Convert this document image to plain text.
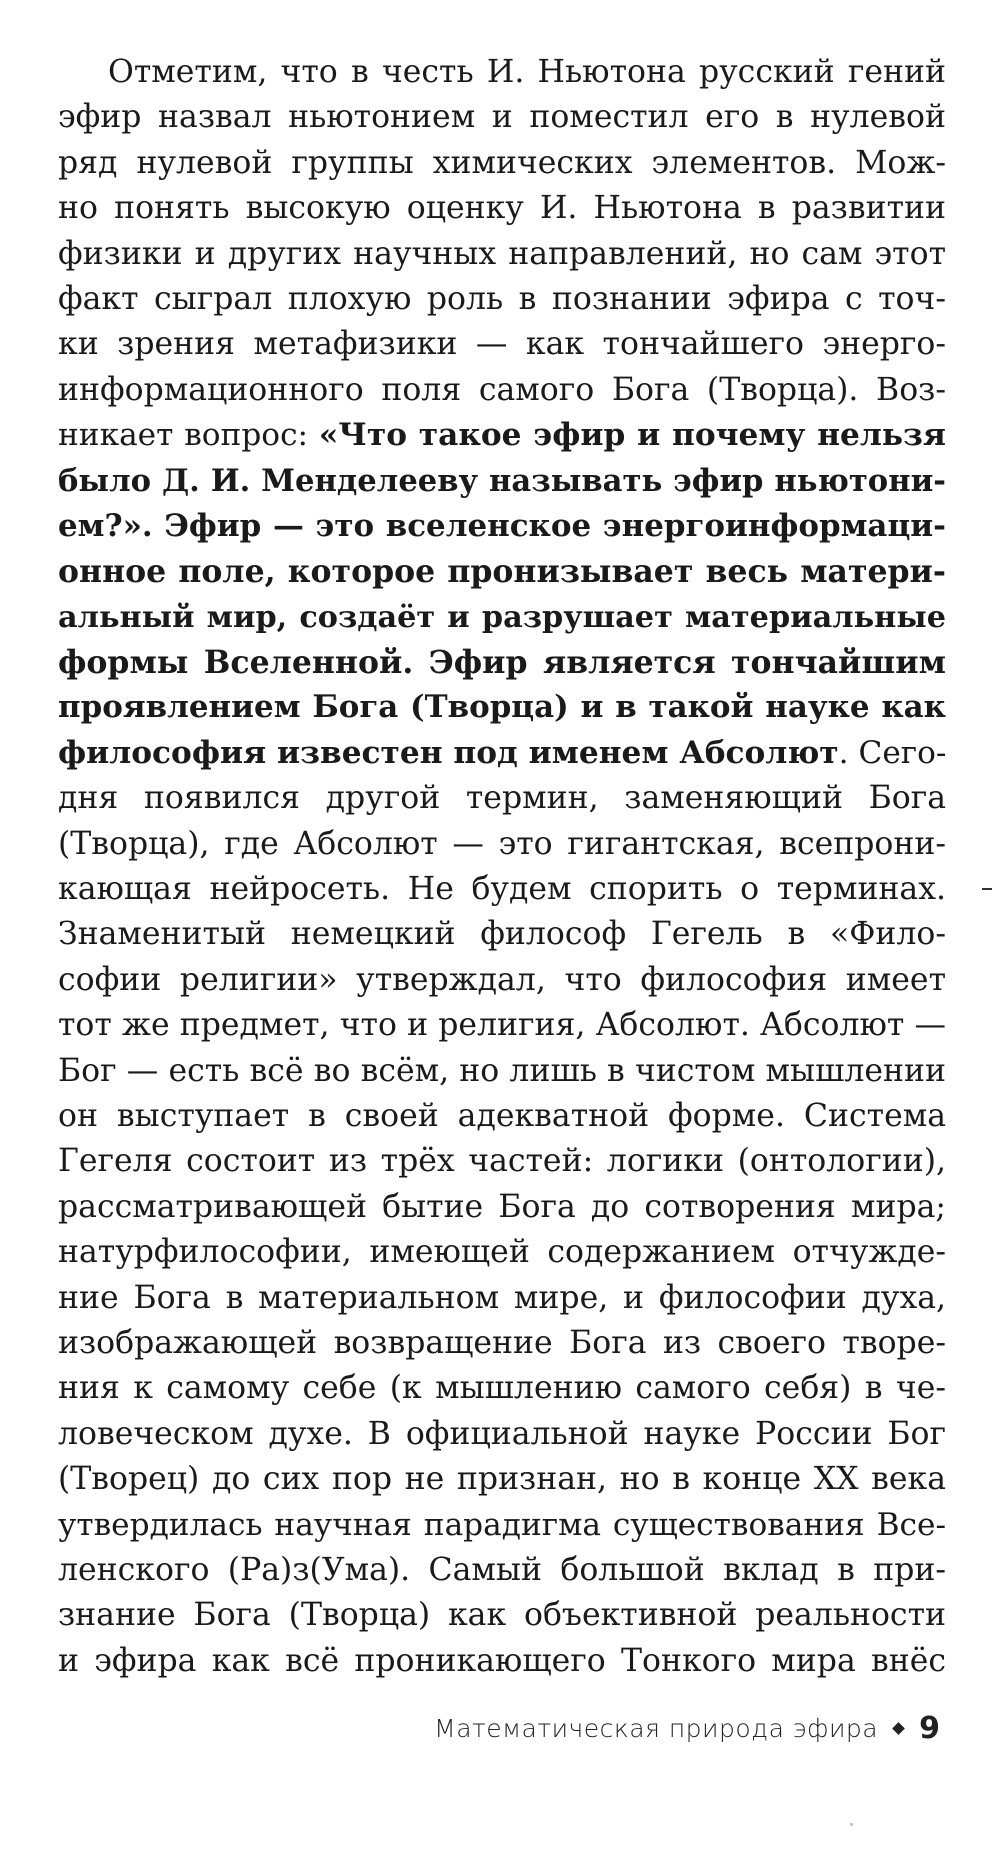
Отметим, что в честь И. Ньютона русский гений
эфир назвал ньютонием и поместил его в нулевой
ряд нулевой группы химических элементов. Мож-
но понять высокую оценку И. Ньютона в развитии
физики и других научных направлений, но сам этот
факт сыграл плохую роль в познании эфира с точ-
ки зрения метафизики — как тончайшего энерго-
информационного поля самого Бога (Творца). Воз-
никает вопрос: «Что такое эфир и почему нельзя
было Д. И. Менделееву называть эфир ньютони-
ем?». Эфир — это вселенское энергоинформаци-
онное поле, которое пронизывает весь матери-
альный мир, создаёт и разрушает материальные
формы Вселенной. Эфир является тончайшим
проявлением Бога (Творца) и в такой науке как
философия известен под именем Абсолют. Сего-
дня появился другой термин, заменяющий Бога
(Творца), где Абсолют — это гигантская, всепрони-
кающая нейросеть. Не будем спорить о терминах.
Знаменитый немецкий философ Гегель в «Фило-
софии религии» утверждал, что философия имеет
тот же предмет, что и религия, Абсолют. Абсолют —
Бог — есть всё во всём, но лишь в чистом мышлении
он выступает в своей адекватной форме. Система
Гегеля состоит из трёх частей: логики (онтологии),
рассматривающей бытие Бога до сотворения мира;
натурфилософии, имеющей содержанием отчужде-
ние Бога в материальном мире, и философии духа,
изображающей возвращение Бога из своего творе-
ния к самому себе (к мышлению самого себя) в че-
ловеческом духе. В официальной науке России Бог
(Творец) до сих пор не признан, но в конце XX века
утвердилась научная парадигма существования Все-
ленского (Ра)з(Ума). Самый большой вклад в при-
знание Бога (Творца) как объективной реальности
и эфира как всё проникающего Тонкого мира внёс
Математическая природа эфира 9
